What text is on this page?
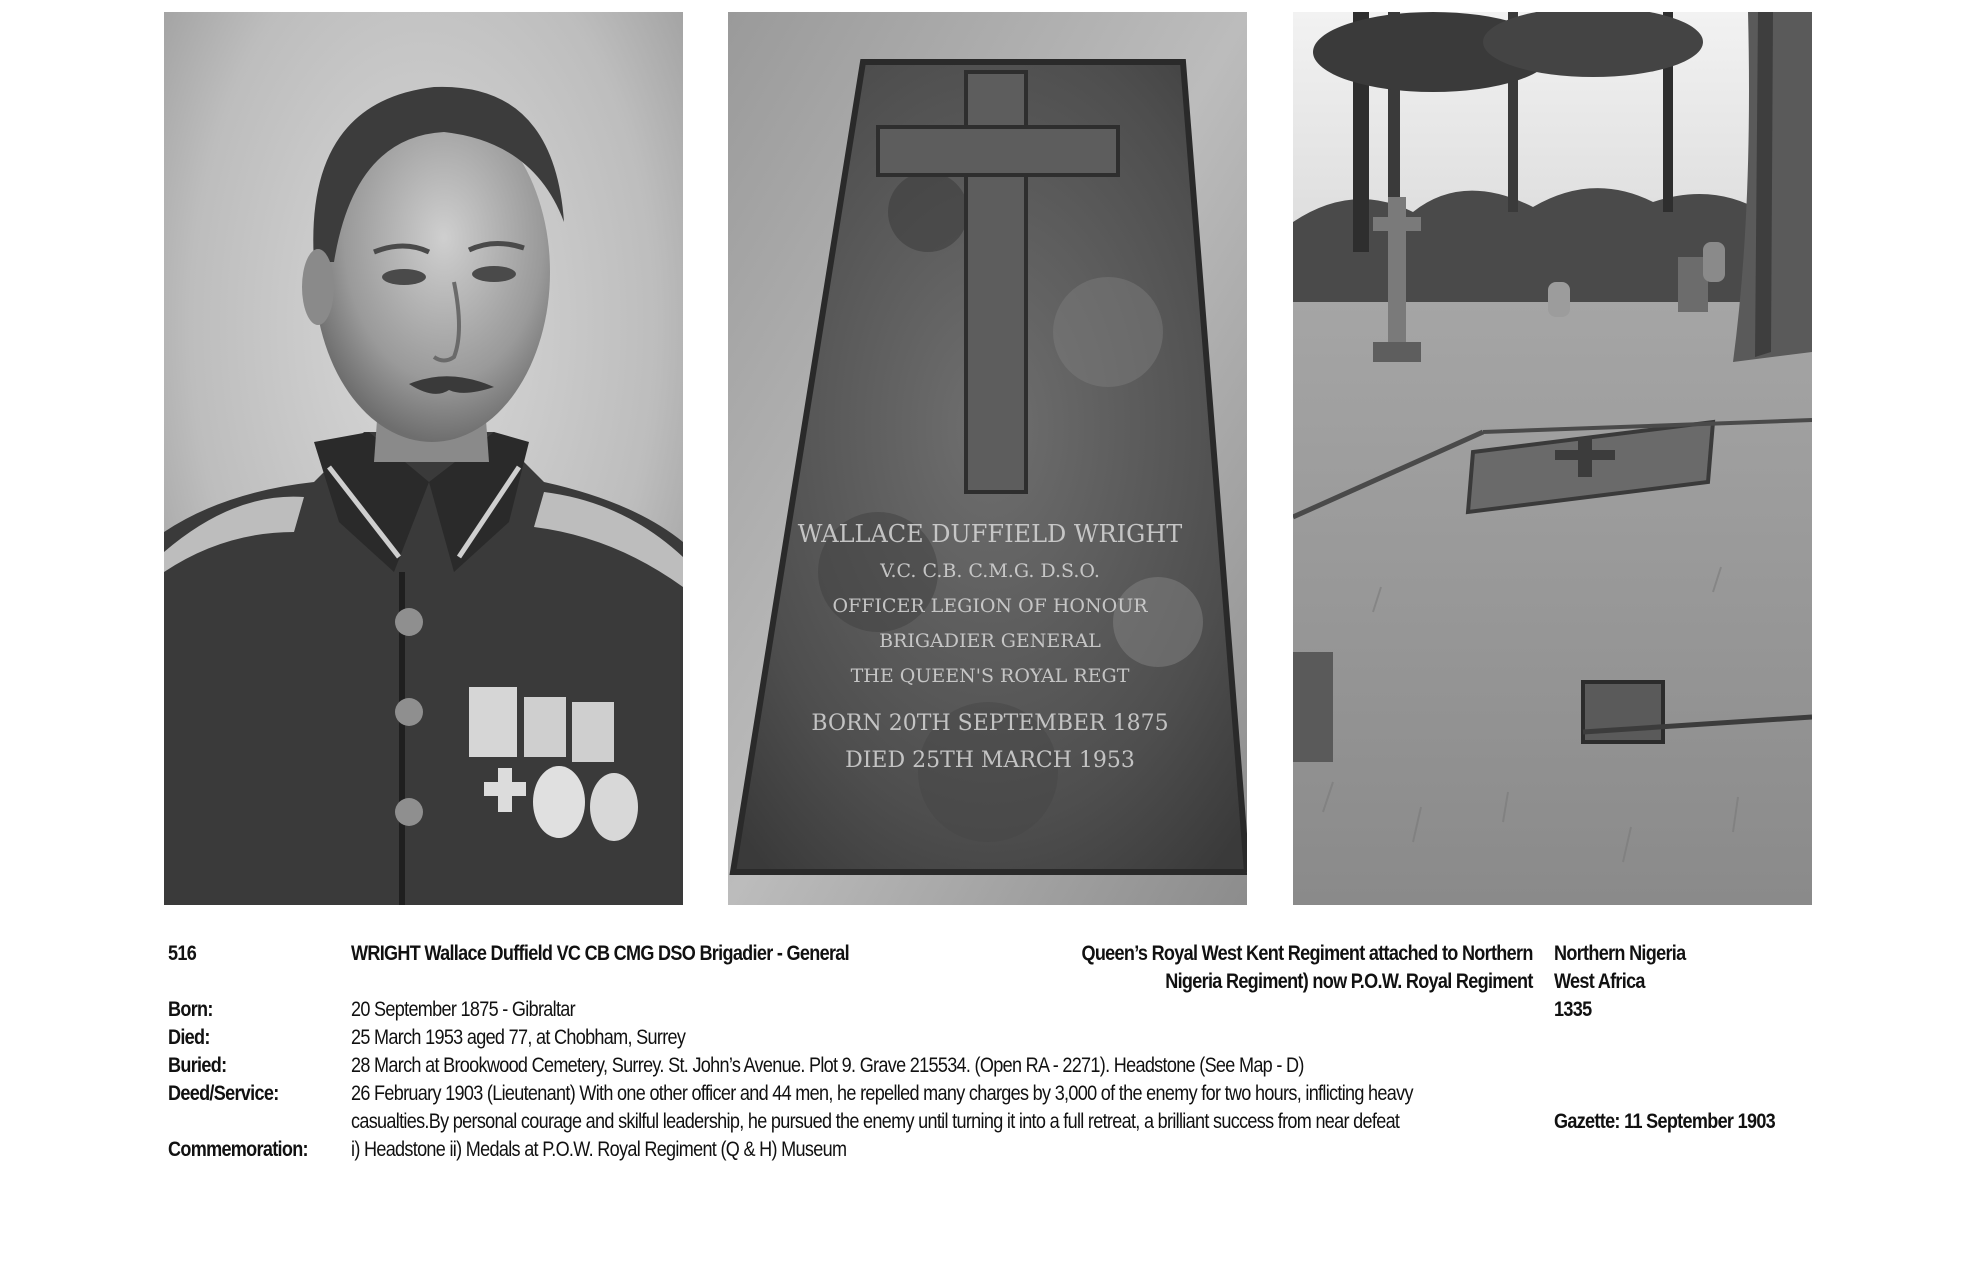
WALLACE DUFFIELD WRIGHT
V.C. C.B. C.M.G. D.S.O.
OFFICER LEGION OF HONOUR
BRIGADIER GENERAL
THE QUEEN'S ROYAL REGT
BORN 20TH SEPTEMBER 1875
DIED 25TH MARCH 1953
516	WRIGHT Wallace Duffield VC CB CMG DSO Brigadier - General	Queen’s Royal West Kent Regiment attached to Northern
Nigeria Regiment) now P.O.W. Royal Regiment
Northern Nigeria
West Africa
1335
Born:
Died:
Buried:
Deed/Service:
Commemoration:
20 September 1875 - Gibraltar
25 March 1953 aged 77, at Chobham, Surrey
28 March at Brookwood Cemetery, Surrey. St. John’s Avenue. Plot 9. Grave 215534. (Open RA - 2271). Headstone (See Map - D)
26 February 1903 (Lieutenant) With one other officer and 44 men, he repelled many charges by 3,000 of the enemy for two hours, inflicting heavy
casualties.By personal courage and skilful leadership, he pursued the enemy until turning it into a full retreat, a brilliant success from near defeat
i) Headstone ii) Medals at P.O.W. Royal Regiment (Q & H) Museum
Gazette: 11 September 1903
